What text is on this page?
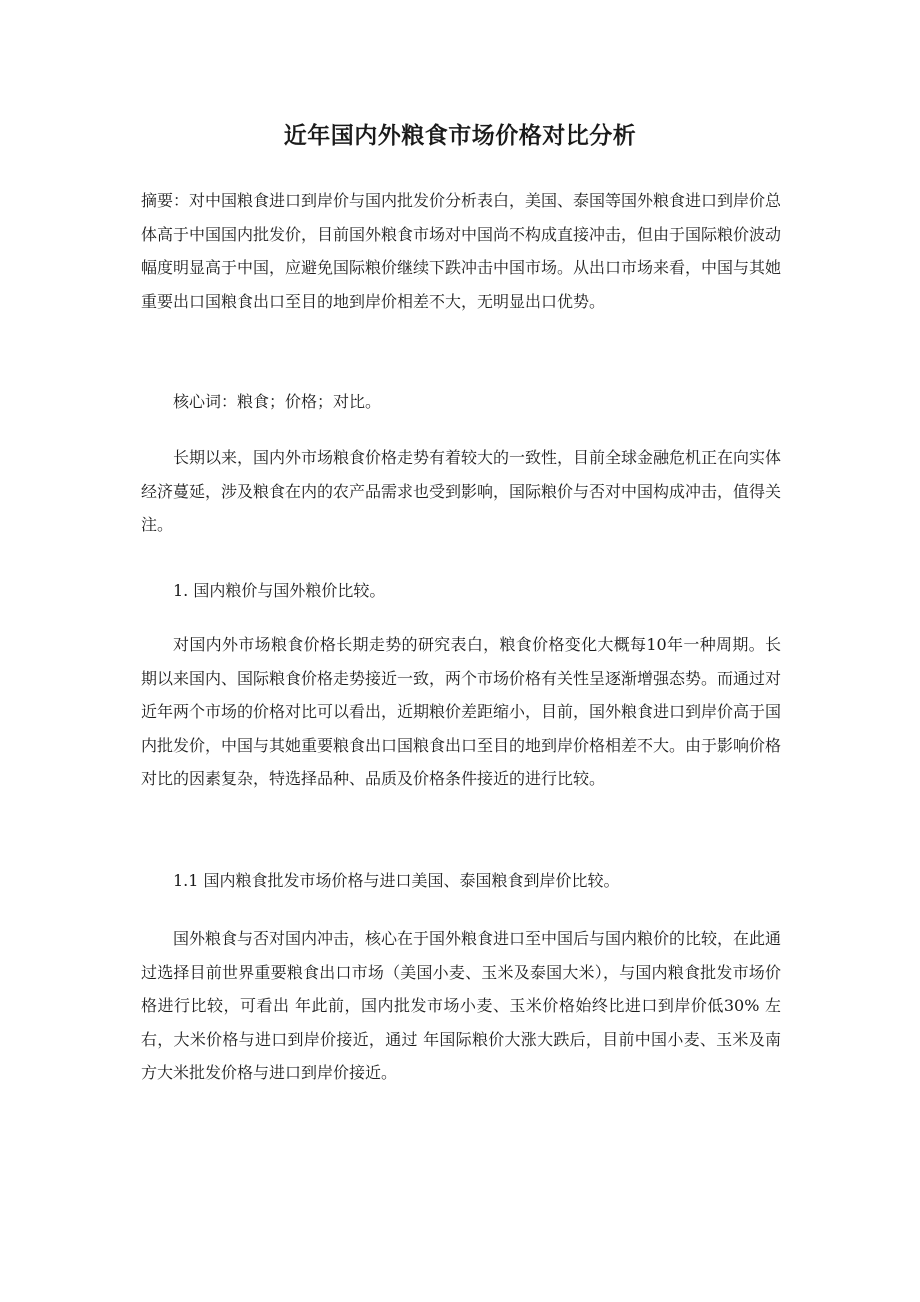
近年国内外粮食市场价格对比分析

摘要：对中国粮食进口到岸价与国内批发价分析表白，美国、泰国等国外粮食进口到岸价总体高于中国国内批发价，目前国外粮食市场对中国尚不构成直接冲击，但由于国际粮价波动幅度明显高于中国，应避免国际粮价继续下跌冲击中国市场。从出口市场来看，中国与其她重要出口国粮食出口至目的地到岸价相差不大，无明显出口优势。

核心词：粮食；价格；对比。

长期以来，国内外市场粮食价格走势有着较大的一致性，目前全球金融危机正在向实体经济蔓延，涉及粮食在内的农产品需求也受到影响，国际粮价与否对中国构成冲击，值得关注。

1. 国内粮价与国外粮价比较。

对国内外市场粮食价格长期走势的研究表白，粮食价格变化大概每10年一种周期。长期以来国内、国际粮食价格走势接近一致，两个市场价格有关性呈逐渐增强态势。而通过对近年两个市场的价格对比可以看出，近期粮价差距缩小，目前，国外粮食进口到岸价高于国内批发价，中国与其她重要粮食出口国粮食出口至目的地到岸价格相差不大。由于影响价格对比的因素复杂，特选择品种、品质及价格条件接近的进行比较。

1.1 国内粮食批发市场价格与进口美国、泰国粮食到岸价比较。

国外粮食与否对国内冲击，核心在于国外粮食进口至中国后与国内粮价的比较，在此通过选择目前世界重要粮食出口市场（美国小麦、玉米及泰国大米），与国内粮食批发市场价格进行比较，可看出 年此前，国内批发市场小麦、玉米价格始终比进口到岸价低30% 左右，大米价格与进口到岸价接近，通过 年国际粮价大涨大跌后，目前中国小麦、玉米及南方大米批发价格与进口到岸价接近。
